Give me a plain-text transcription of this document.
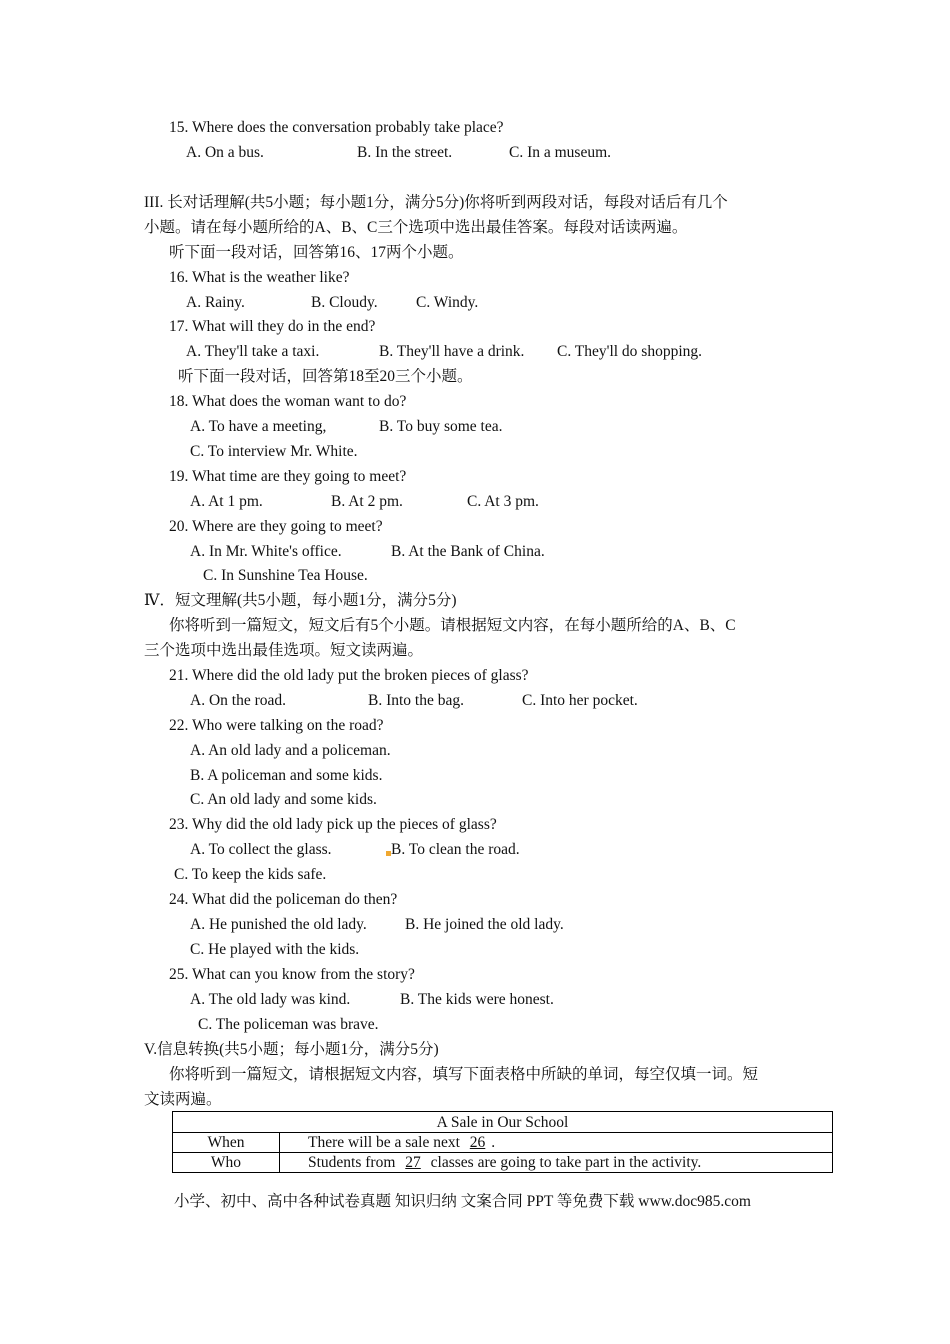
15. Where does the conversation probably take place?
A. On a bus.	B. In the street.	C. In a museum.
III. 长对话理解(共5小题；每小题1分，满分5分)你将听到两段对话，每段对话后有几个
小题。请在每小题所给的A、B、C三个选项中选出最佳答案。每段对话读两遍。
听下面一段对话，回答第16、17两个小题。
16. What is the weather like?
A. Rainy.	B. Cloudy. C. Windy.
17. What will they do in the end?
A. They'll take a taxi.	B. They'll have a drink. C. They'll do shopping.
听下面一段对话，回答第18至20三个小题。
18. What does the woman want to do?
A. To have a meeting,	B. To buy some tea.
C. To interview Mr. White.
19. What time are they going to meet?
A. At 1 pm.	B. At 2 pm.	C. At 3 pm.
20. Where are they going to meet?
A. In Mr. White's office.	B. At the Bank of China.
C. In Sunshine Tea House.
Ⅳ．短文理解(共5小题，每小题1分，满分5分)
你将听到一篇短文，短文后有5个小题。请根据短文内容，在每小题所给的A、B、C
三个选项中选出最佳选项。短文读两遍。
21. Where did the old lady put the broken pieces of glass?
A. On the road.	B. Into the bag.	C. Into her pocket.
22. Who were talking on the road?
A. An old lady and a policeman.
B. A policeman and some kids.
C. An old lady and some kids.
23. Why did the old lady pick up the pieces of glass?
A. To collect the glass.	B. To clean the road.
C. To keep the kids safe.
24. What did the policeman do then?
A. He punished the old lady. B. He joined the old lady.
C. He played with the kids.
25. What can you know from the story?
A. The old lady was kind.	B. The kids were honest.
C. The policeman was brave.
V.信息转换(共5小题；每小题1分，满分5分)
你将听到一篇短文，请根据短文内容，填写下面表格中所缺的单词，每空仅填一词。短
文读两遍。
A Sale in Our School	
When	There will be a sale next 26 .
Who	Students from 27 classes are going to take part in the activity.
小学、初中、高中各种试卷真题 知识归纳 文案合同 PPT 等免费下载 www.doc985.com
